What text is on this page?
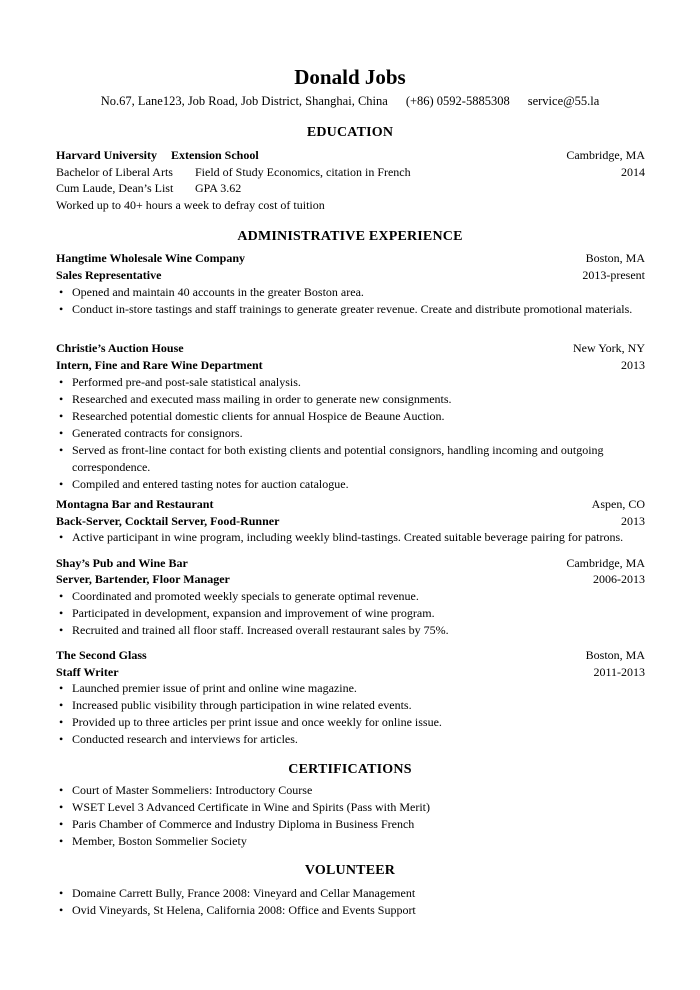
Donald Jobs
No.67, Lane123, Job Road, Job District, Shanghai, China (+86) 0592-5885308 service@55.la
EDUCATION
Harvard University Extension School	Cambridge, MA
Bachelor of Liberal Arts Field of Study Economics, citation in French	2014
Cum Laude, Dean’s List GPA 3.62
Worked up to 40+ hours a week to defray cost of tuition
ADMINISTRATIVE EXPERIENCE
Hangtime Wholesale Wine Company	Boston, MA
Sales Representative	2013-present
• Opened and maintain 40 accounts in the greater Boston area.
• Conduct in-store tastings and staff trainings to generate greater revenue. Create and distribute promotional materials.
Christie’s Auction House	New York, NY
Intern, Fine and Rare Wine Department	2013
• Performed pre-and post-sale statistical analysis.
• Researched and executed mass mailing in order to generate new consignments.
• Researched potential domestic clients for annual Hospice de Beaune Auction.
• Generated contracts for consignors.
• Served as front-line contact for both existing clients and potential consignors, handling incoming and outgoing correspondence.
• Compiled and entered tasting notes for auction catalogue.
Montagna Bar and Restaurant	Aspen, CO
Back-Server, Cocktail Server, Food-Runner	2013
• Active participant in wine program, including weekly blind-tastings. Created suitable beverage pairing for patrons.
Shay’s Pub and Wine Bar	Cambridge, MA
Server, Bartender, Floor Manager	2006-2013
• Coordinated and promoted weekly specials to generate optimal revenue.
• Participated in development, expansion and improvement of wine program.
• Recruited and trained all floor staff. Increased overall restaurant sales by 75%.
The Second Glass	Boston, MA
Staff Writer	2011-2013
• Launched premier issue of print and online wine magazine.
• Increased public visibility through participation in wine related events.
• Provided up to three articles per print issue and once weekly for online issue.
• Conducted research and interviews for articles.
CERTIFICATIONS
• Court of Master Sommeliers: Introductory Course
• WSET Level 3 Advanced Certificate in Wine and Spirits (Pass with Merit)
• Paris Chamber of Commerce and Industry Diploma in Business French
• Member, Boston Sommelier Society
VOLUNTEER
• Domaine Carrett Bully, France 2008: Vineyard and Cellar Management
• Ovid Vineyards, St Helena, California 2008: Office and Events Support
